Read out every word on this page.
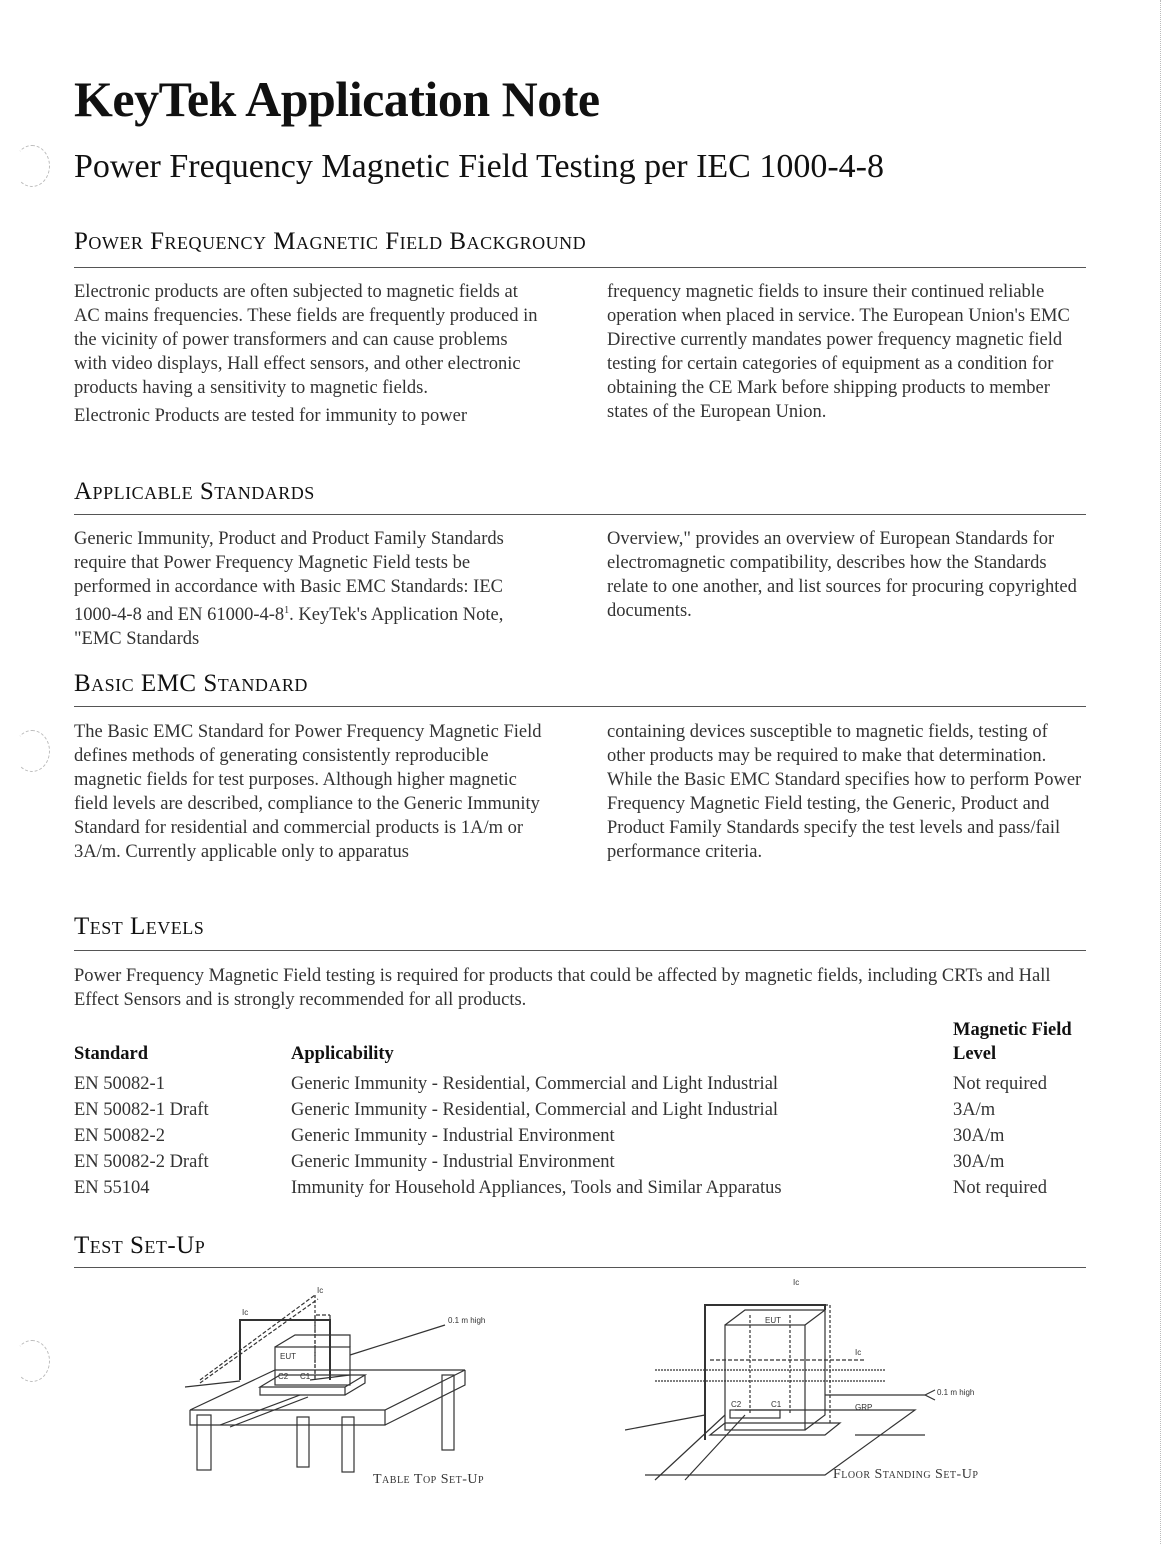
KeyTek Application Note
Power Frequency Magnetic Field Testing per IEC 1000-4-8
Power Frequency Magnetic Field Background

Electronic products are often subjected to magnetic fields at AC mains frequencies. These fields are frequently produced in the vicinity of power transformers and can cause problems with video displays, Hall effect sensors, and other electronic products having a sensitivity to magnetic fields.

Electronic Products are tested for immunity to power

frequency magnetic fields to insure their continued reliable operation when placed in service. The European Union's EMC Directive currently mandates power frequency magnetic field testing for certain categories of equipment as a condition for obtaining the CE Mark before shipping products to member states of the European Union.

Applicable Standards

Generic Immunity, Product and Product Family Standards require that Power Frequency Magnetic Field tests be performed in accordance with Basic EMC Standards: IEC 1000-4-8 and EN $61000-4-8^1$. KeyTek's Application Note, "EMC Standards

Overview," provides an overview of European Standards for electromagnetic compatibility, describes how the Standards relate to one another, and list sources for procuring copyrighted documents.

Basic EMC Standard

The Basic EMC Standard for Power Frequency Magnetic Field defines methods of generating consistently reproducible magnetic fields for test purposes. Although higher magnetic field levels are described, compliance to the Generic Immunity Standard for residential and commercial products is 1A/m or 3A/m. Currently applicable only to apparatus

containing devices susceptible to magnetic fields, testing of other products may be required to make that determination. While the Basic EMC Standard specifies how to perform Power Frequency Magnetic Field testing, the Generic, Product and Product Family Standards specify the test levels and pass/fail performance criteria.

Test Levels
Power Frequency Magnetic Field testing is required for products that could be affected by magnetic fields, including CRTs and Hall Effect Sensors and is strongly recommended for all products.
Standard	Applicability	Magnetic Field Level
EN 50082-1	Generic Immunity - Residential, Commercial and Light Industrial	Not required
EN 50082-1 Draft	Generic Immunity - Residential, Commercial and Light Industrial	3A/m
EN 50082-2	Generic Immunity - Industrial Environment	30A/m
EN 50082-2 Draft	Generic Immunity - Industrial Environment	30A/m
EN 55104	Immunity for Household Appliances, Tools and Similar Apparatus	Not required
Test Set-Up
Ic
Ic
EUT
C1
C2
0.1 m high
Table Top Set-Up
Ic
Ic
EUT
C2	C1
0.1 m high
GRP
Floor Standing Set-Up
